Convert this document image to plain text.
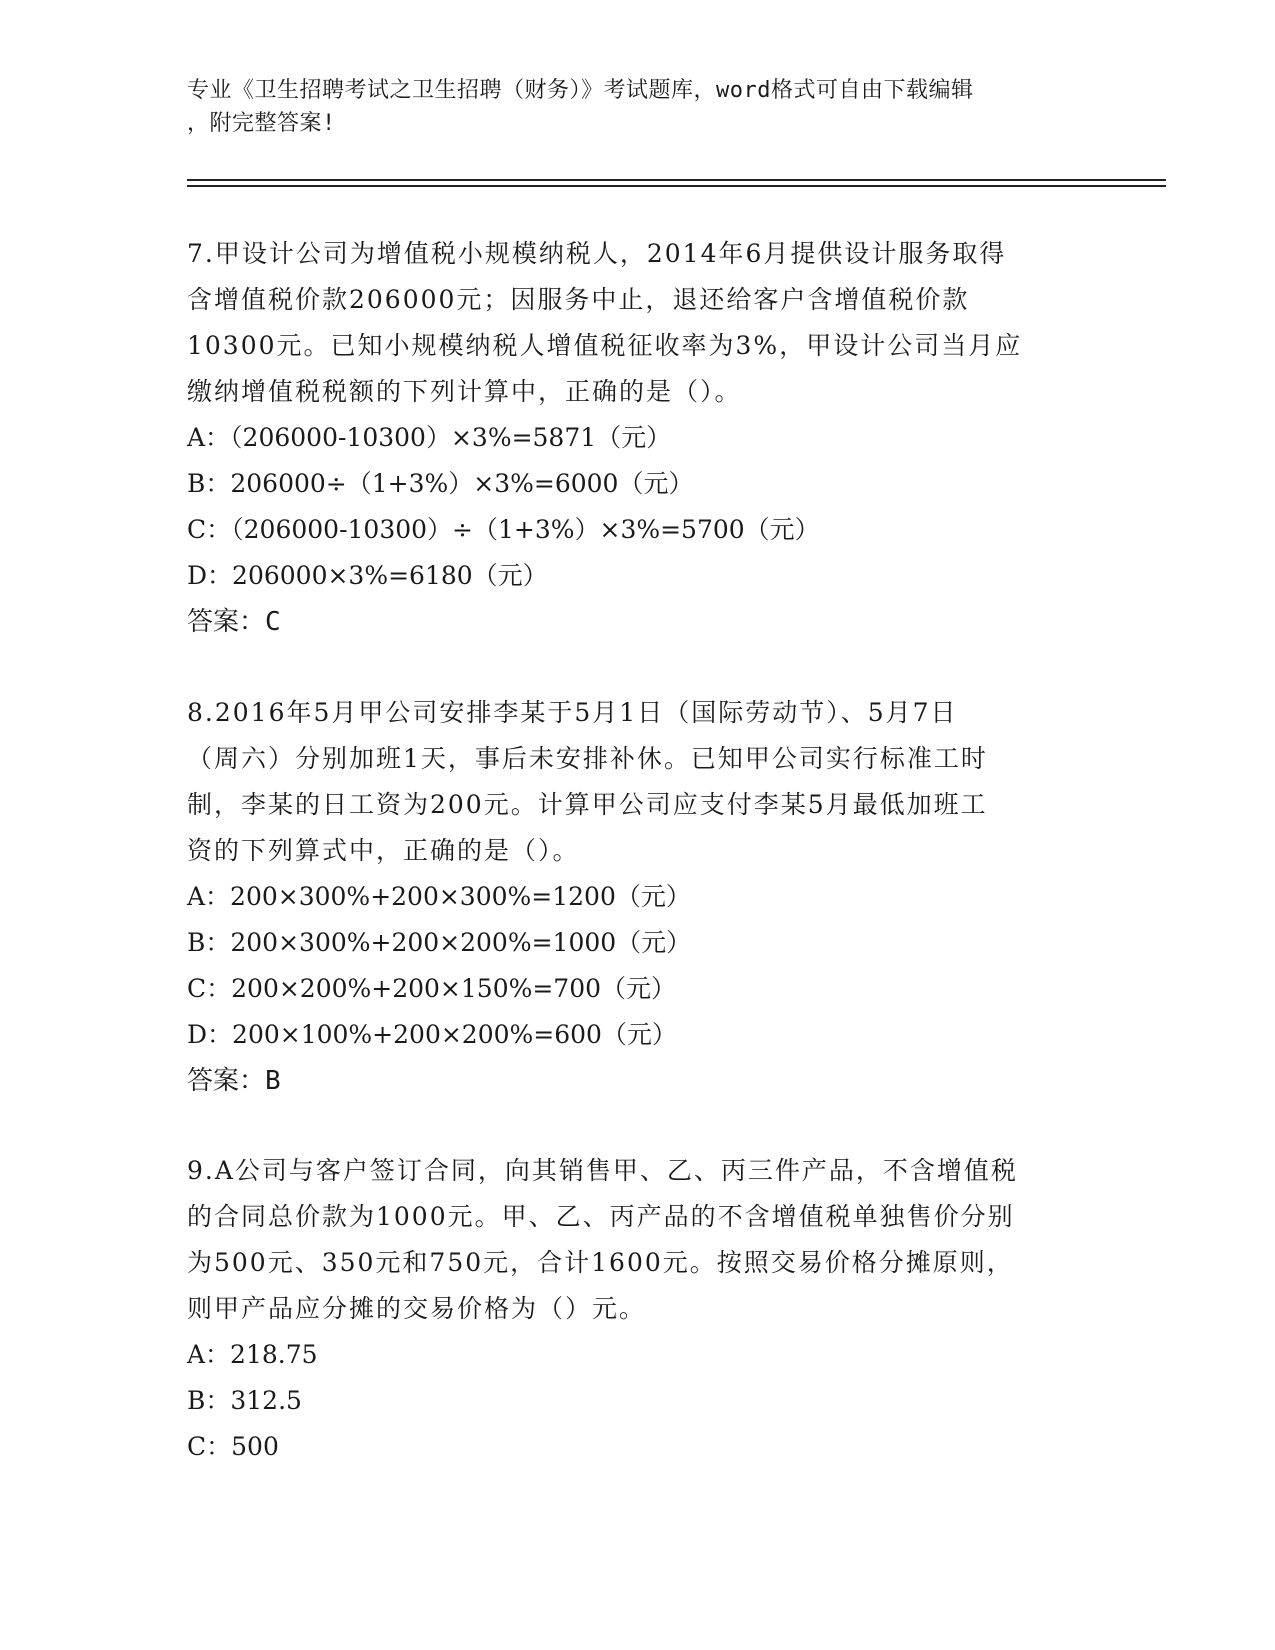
专业《卫生招聘考试之卫生招聘（财务）》考试题库，word格式可自由下载编辑
，附完整答案!
7.甲设计公司为增值税小规模纳税人，2014年6月提供设计服务取得
含增值税价款206000元；因服务中止，退还给客户含增值税价款
10300元。已知小规模纳税人增值税征收率为3%，甲设计公司当月应
缴纳增值税税额的下列计算中，正确的是（）。
A：（206000-10300）×3%=5871（元）
B：206000÷（1+3%）×3%=6000（元）
C：（206000-10300）÷（1+3%）×3%=5700（元）
D：206000×3%=6180（元）
答案：C
8.2016年5月甲公司安排李某于5月1日（国际劳动节）、5月7日
（周六）分别加班1天，事后未安排补休。已知甲公司实行标准工时
制，李某的日工资为200元。计算甲公司应支付李某5月最低加班工
资的下列算式中，正确的是（）。
A：200×300%+200×300%=1200（元）
B：200×300%+200×200%=1000（元）
C：200×200%+200×150%=700（元）
D：200×100%+200×200%=600（元）
答案：B
9.A公司与客户签订合同，向其销售甲、乙、丙三件产品，不含增值税
的合同总价款为1000元。甲、乙、丙产品的不含增值税单独售价分别
为500元、350元和750元，合计1600元。按照交易价格分摊原则，
则甲产品应分摊的交易价格为（）元。
A：218.75
B：312.5
C：500
